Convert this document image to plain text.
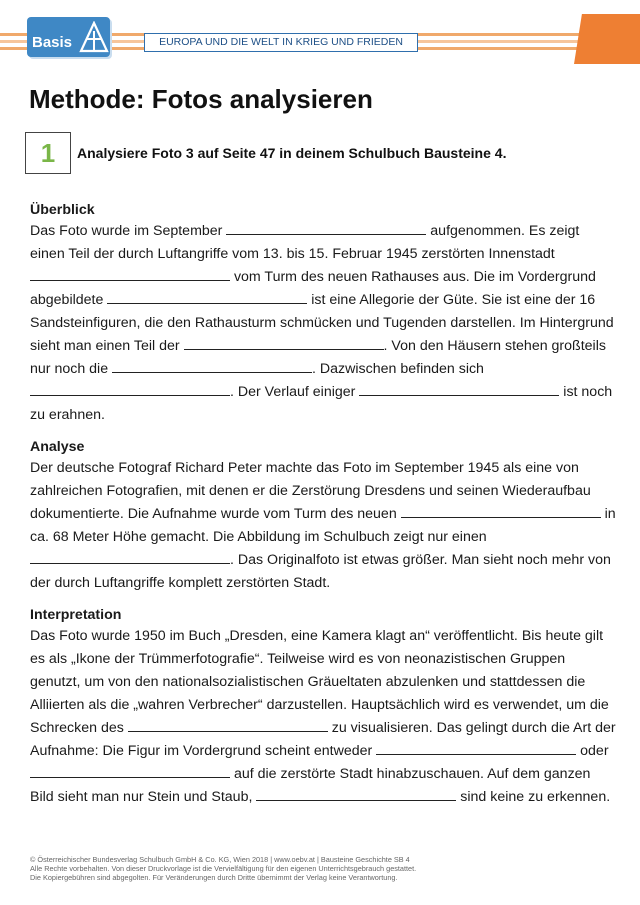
Basis	EUROPA UND DIE WELT IN KRIEG UND FRIEDEN
Methode: Fotos analysieren
1	Analysiere Foto 3 auf Seite 47 in deinem Schulbuch Bausteine 4.
Überblick

Das Foto wurde im September	aufgenommen. Es zeigt einen Teil der durch Luftangriffe vom 13. bis 15. Februar 1945 zerstörten Innenstadt  vom Turm des neuen Rathauses aus. Die im Vordergrund abgebildete	ist eine Allegorie der Güte. Sie ist eine der 16 Sandsteinfiguren, die den Rathausturm schmücken und Tugenden darstellen. Im Hintergrund sieht man einen Teil der	. Von den Häusern stehen großteils nur noch die	. Dazwischen befinden sich . Der Verlauf einiger	ist noch zu erahnen.

Analyse

Der deutsche Fotograf Richard Peter machte das Foto im September 1945 als eine von zahlreichen Fotografien, mit denen er die Zerstörung Dresdens und seinen Wiederaufbau dokumentierte. Die Aufnahme wurde vom Turm des neuen	in ca. 68 Meter Höhe gemacht. Die Abbildung im Schulbuch zeigt nur einen . Das Originalfoto ist etwas größer. Man sieht noch mehr von der durch Luftangriffe komplett zerstörten Stadt.

Interpretation

Das Foto wurde 1950 im Buch „Dresden, eine Kamera klagt an“ veröffentlicht. Bis heute gilt es als „Ikone der Trümmerfotografie“. Teilweise wird es von neonazistischen Gruppen genutzt, um von den nationalsozialistischen Gräueltaten abzulenken und stattdessen die Alliierten als die „wahren Verbrecher“ darzustellen. Hauptsächlich wird es verwendet, um die Schrecken des	zu visualisieren. Das gelingt durch die Art der Aufnahme: Die Figur im Vordergrund scheint entweder	oder  auf die zerstörte Stadt hinabzuschauen. Auf dem ganzen Bild sieht man nur Stein und Staub,	sind keine zu erkennen.

© Österreichischer Bundesverlag Schulbuch GmbH & Co. KG, Wien 2018 | www.oebv.at | Bausteine Geschichte SB 4
Alle Rechte vorbehalten. Von dieser Druckvorlage ist die Vervielfältigung für den eigenen Unterrichtsgebrauch gestattet.
Die Kopiergebühren sind abgegolten. Für Veränderungen durch Dritte übernimmt der Verlag keine Verantwortung.
